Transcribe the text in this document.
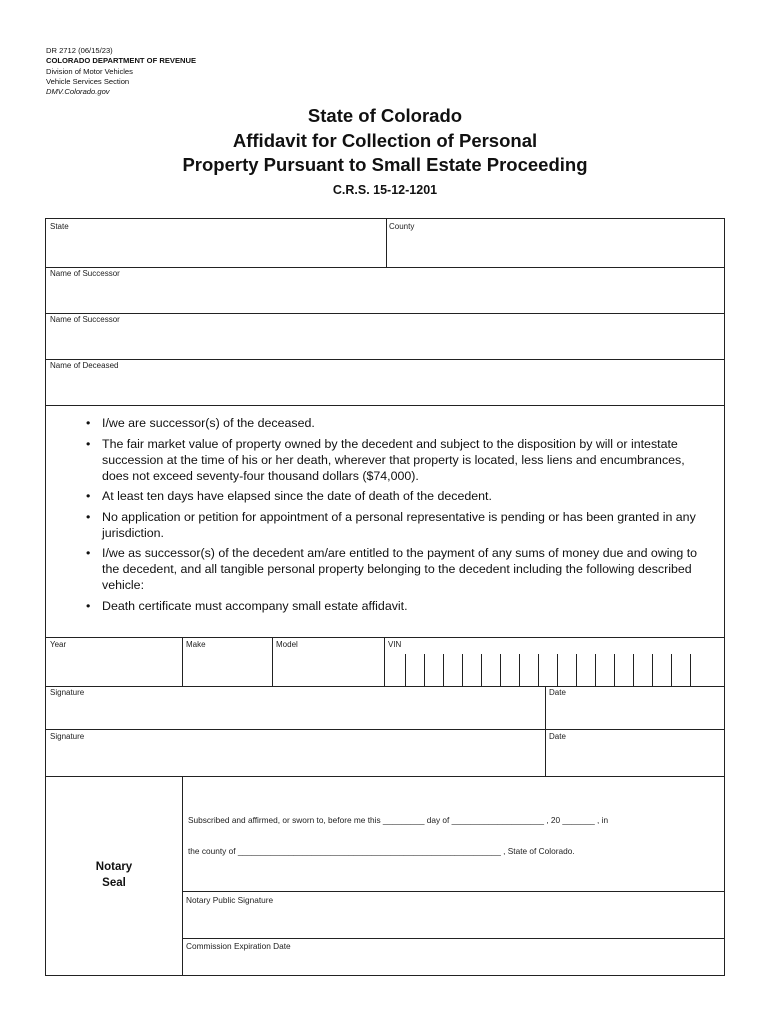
DR 2712 (06/15/23)
COLORADO DEPARTMENT OF REVENUE
Division of Motor Vehicles
Vehicle Services Section
DMV.Colorado.gov
State of Colorado
Affidavit for Collection of Personal
Property Pursuant to Small Estate Proceeding
C.R.S. 15-12-1201
State	County
Name of Successor
Name of Successor
Name of Deceased
• I/we are successor(s) of the deceased.
• The fair market value of property owned by the decedent and subject to the disposition by will or intestate succession at the time of his or her death, wherever that property is located, less liens and encumbrances, does not exceed seventy-four thousand dollars ($74,000).
• At least ten days have elapsed since the date of death of the decedent.
• No application or petition for appointment of a personal representative is pending or has been granted in any jurisdiction.
• I/we as successor(s) of the decedent am/are entitled to the payment of any sums of money due and owing to the decedent, and all tangible personal property belonging to the decedent including the following described vehicle:
• Death certificate must accompany small estate affidavit.
Year	Make	Model	VIN
Signature	Date
Signature	Date
Notary
Seal
Subscribed and affirmed, or sworn to, before me this _________ day of ____________________ , 20 _______ , in
the county of _________________________________________________________ , State of Colorado.
Notary Public Signature
Commission Expiration Date
